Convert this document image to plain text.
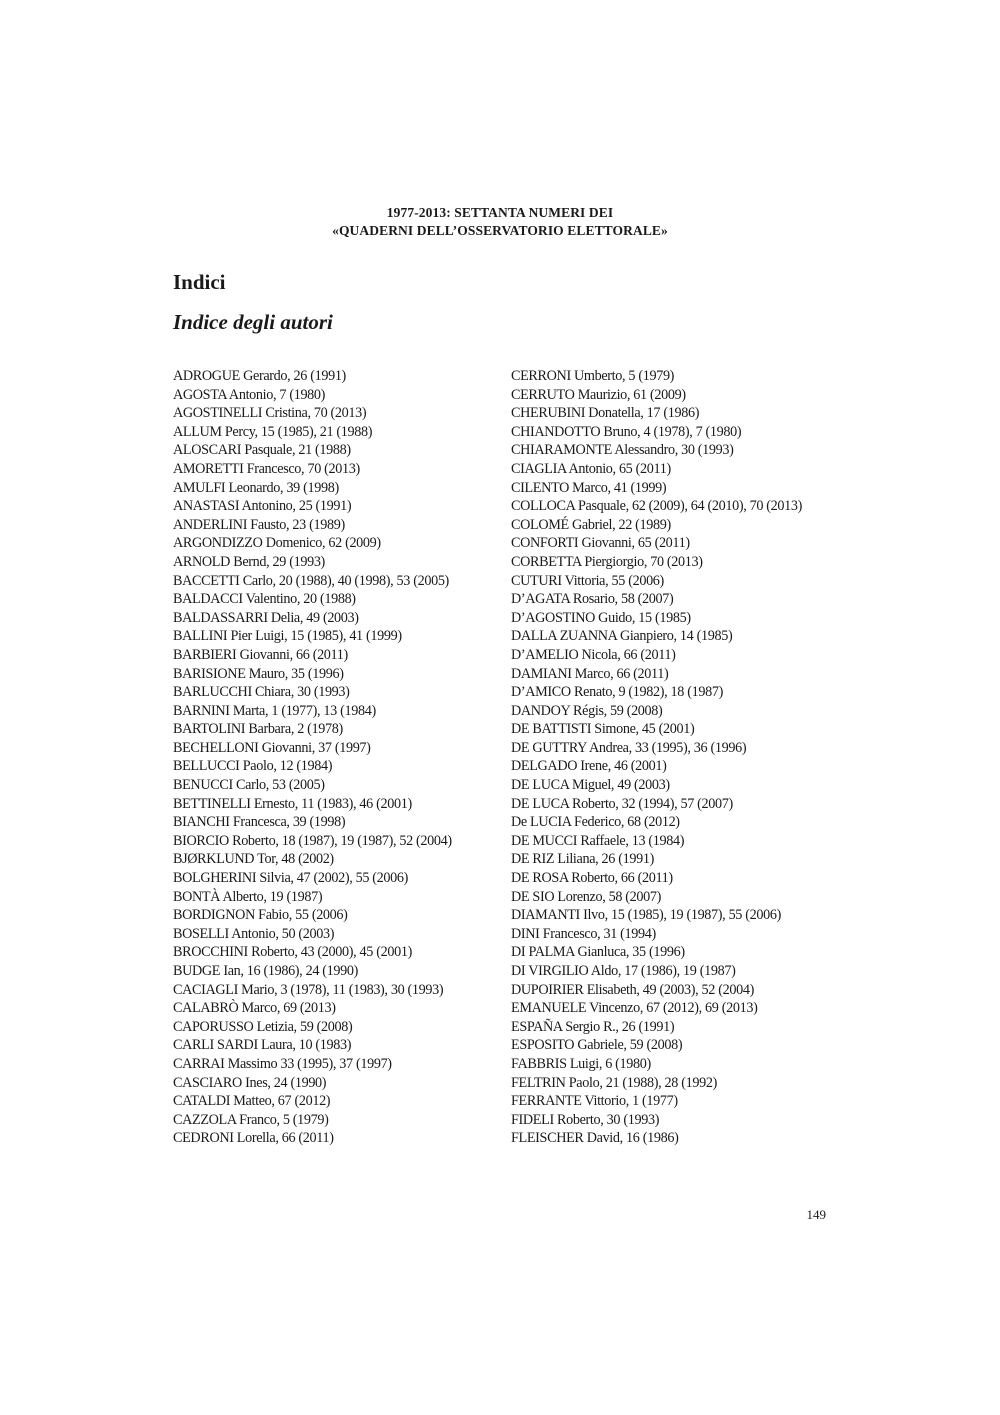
1977-2013: SETTANTA NUMERI DEI
«QUADERNI DELL’OSSERVATORIO ELETTORALE»
Indici
Indice degli autori

ADROGUE Gerardo, 26 (1991)

AGOSTA Antonio, 7 (1980)

AGOSTINELLI Cristina, 70 (2013)

ALLUM Percy, 15 (1985), 21 (1988)

ALOSCARI Pasquale, 21 (1988)

AMORETTI Francesco, 70 (2013)

AMULFI Leonardo, 39 (1998)

ANASTASI Antonino, 25 (1991)

ANDERLINI Fausto, 23 (1989)

ARGONDIZZO Domenico, 62 (2009)

ARNOLD Bernd, 29 (1993)

BACCETTI Carlo, 20 (1988), 40 (1998), 53 (2005)

BALDACCI Valentino, 20 (1988)

BALDASSARRI Delia, 49 (2003)

BALLINI Pier Luigi, 15 (1985), 41 (1999)

BARBIERI Giovanni, 66 (2011)

BARISIONE Mauro, 35 (1996)

BARLUCCHI Chiara, 30 (1993)

BARNINI Marta, 1 (1977), 13 (1984)

BARTOLINI Barbara, 2 (1978)

BECHELLONI Giovanni, 37 (1997)

BELLUCCI Paolo, 12 (1984)

BENUCCI Carlo, 53 (2005)

BETTINELLI Ernesto, 11 (1983), 46 (2001)

BIANCHI Francesca, 39 (1998)

BIORCIO Roberto, 18 (1987), 19 (1987), 52 (2004)

BJØRKLUND Tor, 48 (2002)

BOLGHERINI Silvia, 47 (2002), 55 (2006)

BONTÀ Alberto, 19 (1987)

BORDIGNON Fabio, 55 (2006)

BOSELLI Antonio, 50 (2003)

BROCCHINI Roberto, 43 (2000), 45 (2001)

BUDGE Ian, 16 (1986), 24 (1990)

CACIAGLI Mario, 3 (1978), 11 (1983), 30 (1993)

CALABRÒ Marco, 69 (2013)

CAPORUSSO Letizia, 59 (2008)

CARLI SARDI Laura, 10 (1983)

CARRAI Massimo 33 (1995), 37 (1997)

CASCIARO Ines, 24 (1990)

CATALDI Matteo, 67 (2012)

CAZZOLA Franco, 5 (1979)

CEDRONI Lorella, 66 (2011)

CERRONI Umberto, 5 (1979)

CERRUTO Maurizio, 61 (2009)

CHERUBINI Donatella, 17 (1986)

CHIANDOTTO Bruno, 4 (1978), 7 (1980)

CHIARAMONTE Alessandro, 30 (1993)

CIAGLIA Antonio, 65 (2011)

CILENTO Marco, 41 (1999)

COLLOCA Pasquale, 62 (2009), 64 (2010), 70 (2013)

COLOMÉ Gabriel, 22 (1989)

CONFORTI Giovanni, 65 (2011)

CORBETTA Piergiorgio, 70 (2013)

CUTURI Vittoria, 55 (2006)

D’AGATA Rosario, 58 (2007)

D’AGOSTINO Guido, 15 (1985)

DALLA ZUANNA Gianpiero, 14 (1985)

D’AMELIO Nicola, 66 (2011)

DAMIANI Marco, 66 (2011)

D’AMICO Renato, 9 (1982), 18 (1987)

DANDOY Régis, 59 (2008)

DE BATTISTI Simone, 45 (2001)

DE GUTTRY Andrea, 33 (1995), 36 (1996)

DELGADO Irene, 46 (2001)

DE LUCA Miguel, 49 (2003)

DE LUCA Roberto, 32 (1994), 57 (2007)

De LUCIA Federico, 68 (2012)

DE MUCCI Raffaele, 13 (1984)

DE RIZ Liliana, 26 (1991)

DE ROSA Roberto, 66 (2011)

DE SIO Lorenzo, 58 (2007)

DIAMANTI Ilvo, 15 (1985), 19 (1987), 55 (2006)

DINI Francesco, 31 (1994)

DI PALMA Gianluca, 35 (1996)

DI VIRGILIO Aldo, 17 (1986), 19 (1987)

DUPOIRIER Elisabeth, 49 (2003), 52 (2004)

EMANUELE Vincenzo, 67 (2012), 69 (2013)

ESPAÑA Sergio R., 26 (1991)

ESPOSITO Gabriele, 59 (2008)

FABBRIS Luigi, 6 (1980)

FELTRIN Paolo, 21 (1988), 28 (1992)

FERRANTE Vittorio, 1 (1977)

FIDELI Roberto, 30 (1993)

FLEISCHER David, 16 (1986)

149
